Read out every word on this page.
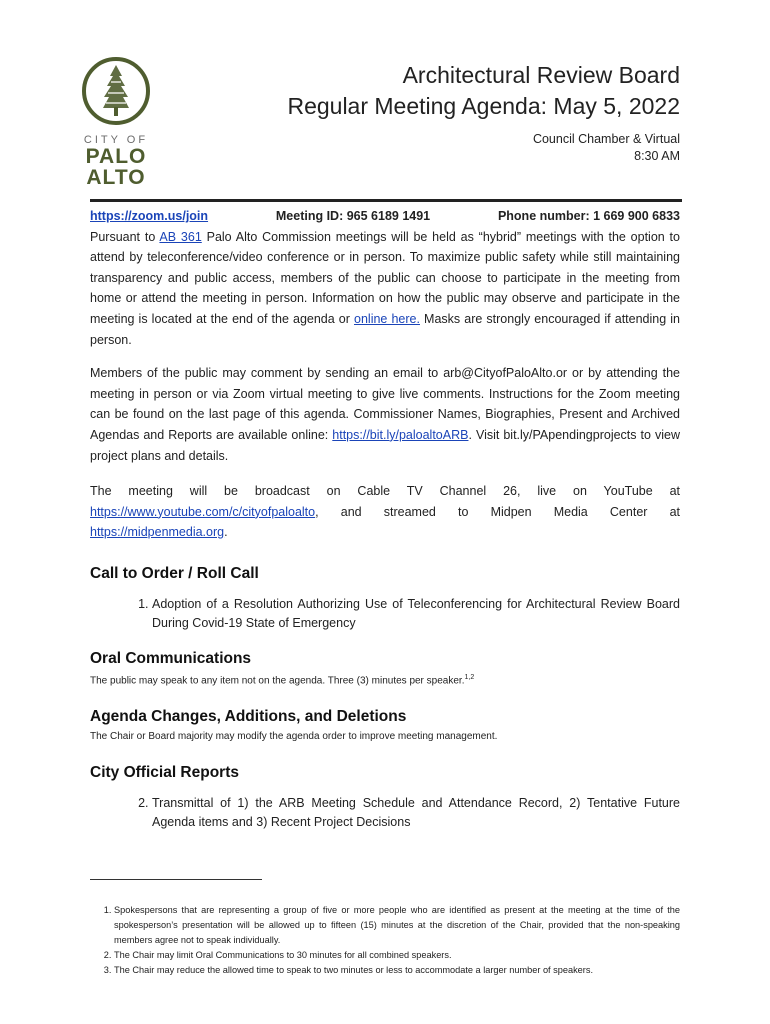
CITY OF
PALO
ALTO
Architectural Review Board
Regular Meeting Agenda: May 5, 2022
Council Chamber & Virtual
8:30 AM
https://zoom.us/join	Meeting ID: 965 6189 1491	Phone number: 1 669 900 6833

Pursuant to AB 361 Palo Alto Commission meetings will be held as “hybrid” meetings with the option to attend by teleconference/video conference or in person. To maximize public safety while still maintaining transparency and public access, members of the public can choose to participate in the meeting from home or attend the meeting in person. Information on how the public may observe and participate in the meeting is located at the end of the agenda or online here. Masks are strongly encouraged if attending in person.

Members of the public may comment by sending an email to arb@CityofPaloAlto.or or by attending the meeting in person or via Zoom virtual meeting to give live comments. Instructions for the Zoom meeting can be found on the last page of this agenda. Commissioner Names, Biographies, Present and Archived Agendas and Reports are available online: https://bit.ly/paloaltoARB. Visit bit.ly/PApendingprojects to view project plans and details.

The meeting will be broadcast on Cable TV Channel 26, live on YouTube at https://www.youtube.com/c/cityofpaloalto, and streamed to Midpen Media Center at https://midpenmedia.org.

Call to Order / Roll Call
1. Adoption of a Resolution Authorizing Use of Teleconferencing for Architectural Review Board During Covid-19 State of Emergency
Oral Communications
The public may speak to any item not on the agenda. Three (3) minutes per speaker.$^{1,2}$
Agenda Changes, Additions, and Deletions
The Chair or Board majority may modify the agenda order to improve meeting management.
City Official Reports
2. Transmittal of 1) the ARB Meeting Schedule and Attendance Record, 2) Tentative Future Agenda items and 3) Recent Project Decisions
1. Spokespersons that are representing a group of five or more people who are identified as present at the meeting at the time of the spokesperson’s presentation will be allowed up to fifteen (15) minutes at the discretion of the Chair, provided that the non-speaking members agree not to speak individually.
2. The Chair may limit Oral Communications to 30 minutes for all combined speakers.
3. The Chair may reduce the allowed time to speak to two minutes or less to accommodate a larger number of speakers.
